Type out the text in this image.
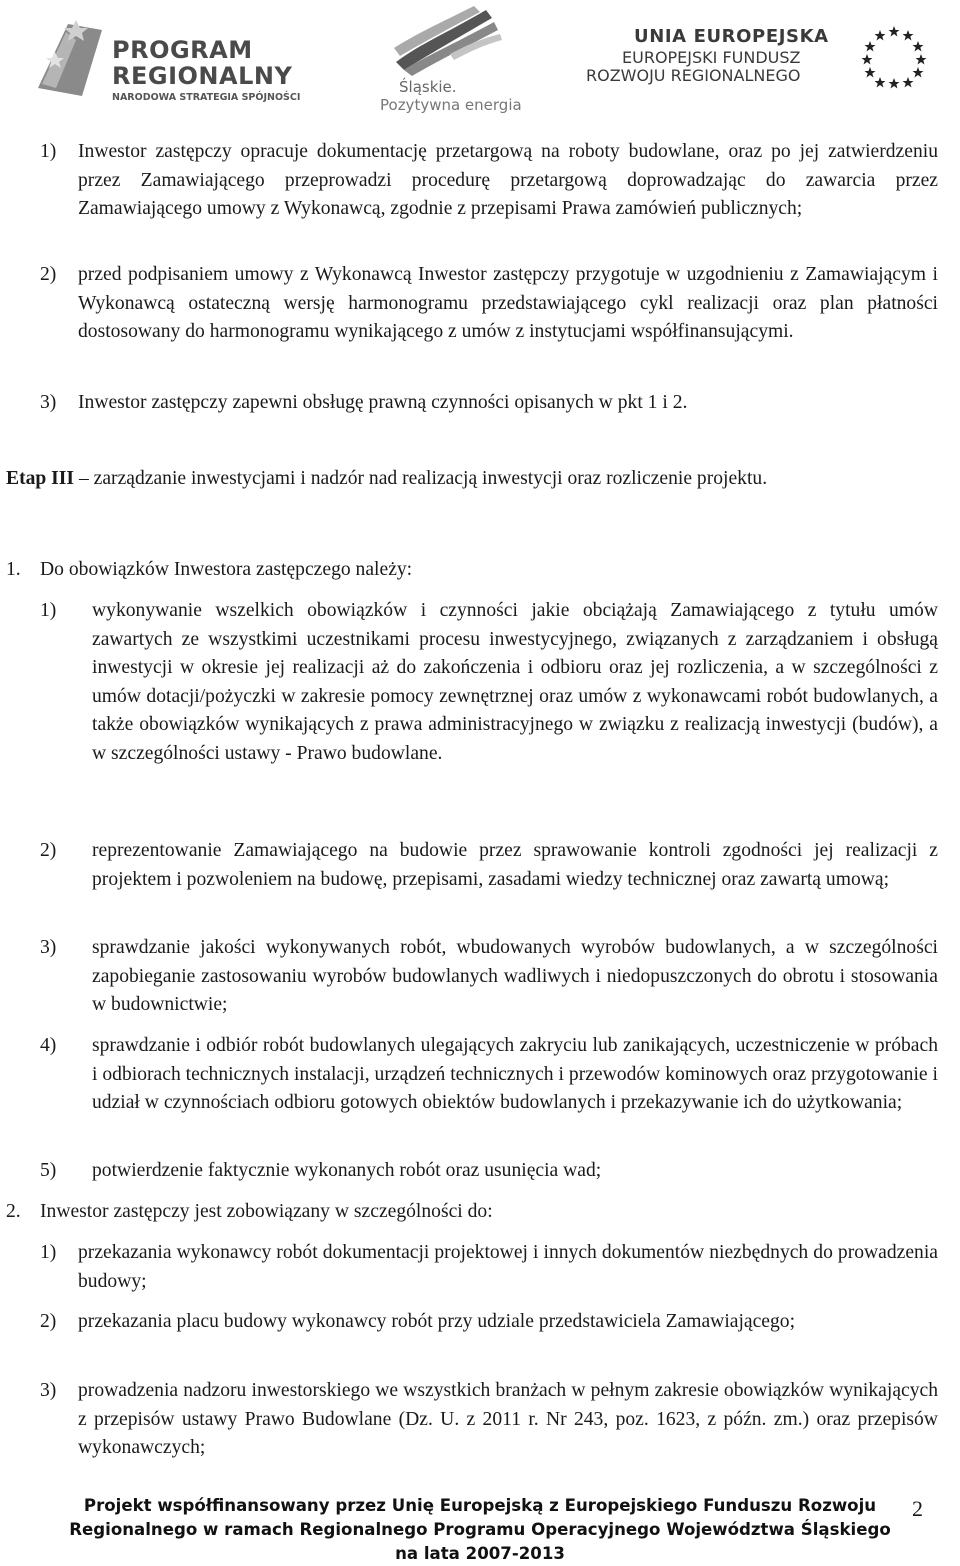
PROGRAM
REGIONALNY
NARODOWA STRATEGIA SPÓJNOŚCI
Śląskie.
Pozytywna energia
UNIA EUROPEJSKA
EUROPEJSKI FUNDUSZ
ROZWOJU REGIONALNEGO
1) Inwestor zastępczy opracuje dokumentację przetargową na roboty budowlane, oraz po jej zatwierdzeniu przez Zamawiającego przeprowadzi procedurę przetargową doprowadzając do zawarcia przez Zamawiającego umowy z Wykonawcą, zgodnie z przepisami Prawa zamówień publicznych;
2) przed podpisaniem umowy z Wykonawcą Inwestor zastępczy przygotuje w uzgodnieniu z Zamawiającym i Wykonawcą ostateczną wersję harmonogramu przedstawiającego cykl realizacji oraz plan płatności dostosowany do harmonogramu wynikającego z umów z instytucjami współfinansującymi.
3) Inwestor zastępczy zapewni obsługę prawną czynności opisanych w pkt 1 i 2.
Etap III – zarządzanie inwestycjami i nadzór nad realizacją inwestycji oraz rozliczenie projektu.
1. Do obowiązków Inwestora zastępczego należy:
1) wykonywanie wszelkich obowiązków i czynności jakie obciążają Zamawiającego z tytułu umów zawartych ze wszystkimi uczestnikami procesu inwestycyjnego, związanych z zarządzaniem i obsługą inwestycji w okresie jej realizacji aż do zakończenia i odbioru oraz jej rozliczenia, a w szczególności z umów dotacji/pożyczki w zakresie pomocy zewnętrznej oraz umów z wykonawcami robót budowlanych, a także obowiązków wynikających z prawa administracyjnego w związku z realizacją inwestycji (budów), a w szczególności ustawy - Prawo budowlane.
2) reprezentowanie Zamawiającego na budowie przez sprawowanie kontroli zgodności jej realizacji z projektem i pozwoleniem na budowę, przepisami, zasadami wiedzy technicznej oraz zawartą umową;
3) sprawdzanie jakości wykonywanych robót, wbudowanych wyrobów budowlanych, a w szczególności zapobieganie zastosowaniu wyrobów budowlanych wadliwych i niedopuszczonych do obrotu i stosowania w budownictwie;
4) sprawdzanie i odbiór robót budowlanych ulegających zakryciu lub zanikających, uczestniczenie w próbach i odbiorach technicznych instalacji, urządzeń technicznych i przewodów kominowych oraz przygotowanie i udział w czynnościach odbioru gotowych obiektów budowlanych i przekazywanie ich do użytkowania;
5) potwierdzenie faktycznie wykonanych robót oraz usunięcia wad;
2. Inwestor zastępczy jest zobowiązany w szczególności do:
1) przekazania wykonawcy robót dokumentacji projektowej i innych dokumentów niezbędnych do prowadzenia budowy;
2) przekazania placu budowy wykonawcy robót przy udziale przedstawiciela Zamawiającego;
3) prowadzenia nadzoru inwestorskiego we wszystkich branżach w pełnym zakresie obowiązków wynikających z przepisów ustawy Prawo Budowlane (Dz. U. z 2011 r. Nr 243, poz. 1623, z późn. zm.) oraz przepisów wykonawczych;
Projekt współfinansowany przez Unię Europejską z Europejskiego Funduszu Rozwoju
Regionalnego w ramach Regionalnego Programu Operacyjnego Województwa Śląskiego
na lata 2007-2013
2
